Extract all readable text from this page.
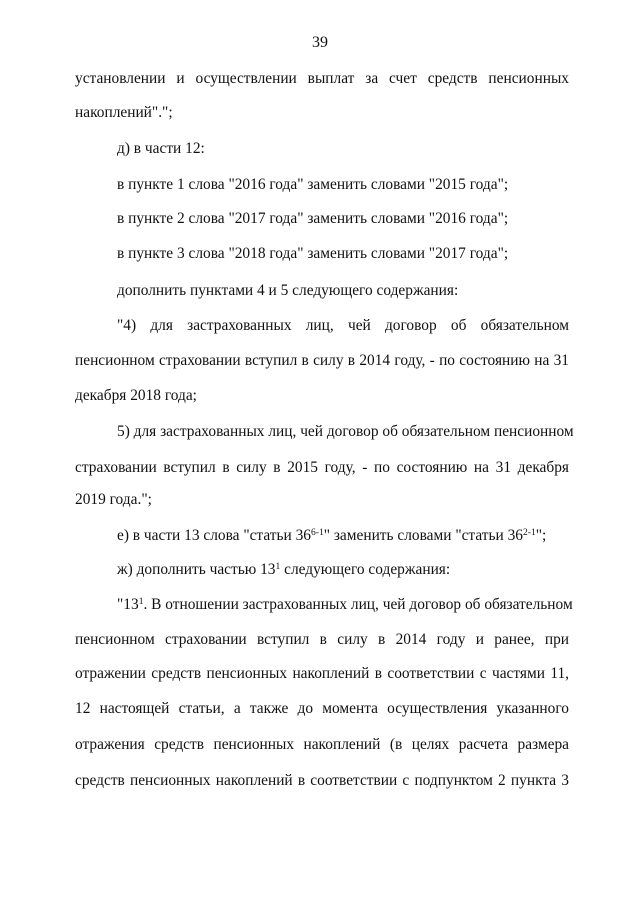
39
установлении и осуществлении выплат за счет средств пенсионных
накоплений".";
д) в части 12:
в пункте 1 слова "2016 года" заменить словами "2015 года";
в пункте 2 слова "2017 года" заменить словами "2016 года";
в пункте 3 слова "2018 года" заменить словами "2017 года";
дополнить пунктами 4 и 5 следующего содержания:
"4) для застрахованных лиц, чей договор об обязательном
пенсионном страховании вступил в силу в 2014 году, - по состоянию на 31
декабря 2018 года;
5) для застрахованных лиц, чей договор об обязательном пенсионном
страховании вступил в силу в 2015 году, - по состоянию на 31 декабря
2019 года.";
е) в части 13 слова "статьи 36$^{6-1}$" заменить словами "статьи 36$^{2-1}$";
ж) дополнить частью $13^1$ следующего содержания:
"$13^1$. В отношении застрахованных лиц, чей договор об обязательном
пенсионном страховании вступил в силу в 2014 году и ранее, при
отражении средств пенсионных накоплений в соответствии с частями 11,
12 настоящей статьи, а также до момента осуществления указанного
отражения средств пенсионных накоплений (в целях расчета размера
средств пенсионных накоплений в соответствии с подпунктом 2 пункта 3
